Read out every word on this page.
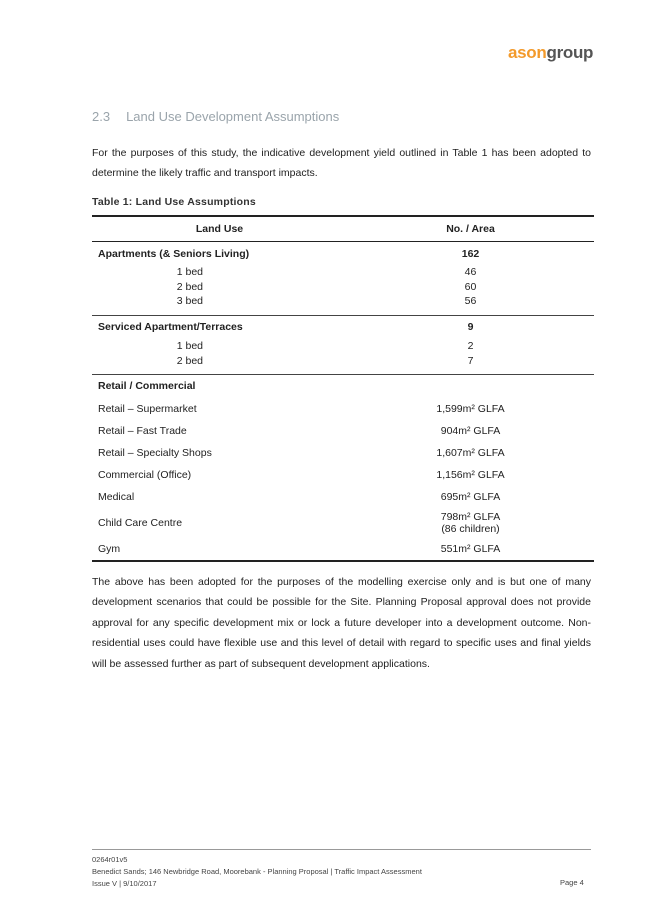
asongroup
2.3 Land Use Development Assumptions
For the purposes of this study, the indicative development yield outlined in Table 1 has been adopted to determine the likely traffic and transport impacts.
Table 1: Land Use Assumptions
Land Use	No. / Area
Apartments (& Seniors Living)	162
1 bed	46
2 bed	60
3 bed	56
Serviced Apartment/Terraces	9
1 bed	2
2 bed	7
Retail / Commercial
Retail – Supermarket	1,599m² GLFA
Retail – Fast Trade	904m² GLFA
Retail – Specialty Shops	1,607m² GLFA
Commercial (Office)	1,156m² GLFA
Medical	695m² GLFA
Child Care Centre	798m² GLFA
(86 children)
Gym	551m² GLFA
The above has been adopted for the purposes of the modelling exercise only and is but one of many development scenarios that could be possible for the Site. Planning Proposal approval does not provide approval for any specific development mix or lock a future developer into a development outcome. Non-residential uses could have flexible use and this level of detail with regard to specific uses and final yields will be assessed further as part of subsequent development applications.
0264r01v5
Benedict Sands; 146 Newbridge Road, Moorebank - Planning Proposal | Traffic Impact Assessment
Issue V | 9/10/2017	Page 4
